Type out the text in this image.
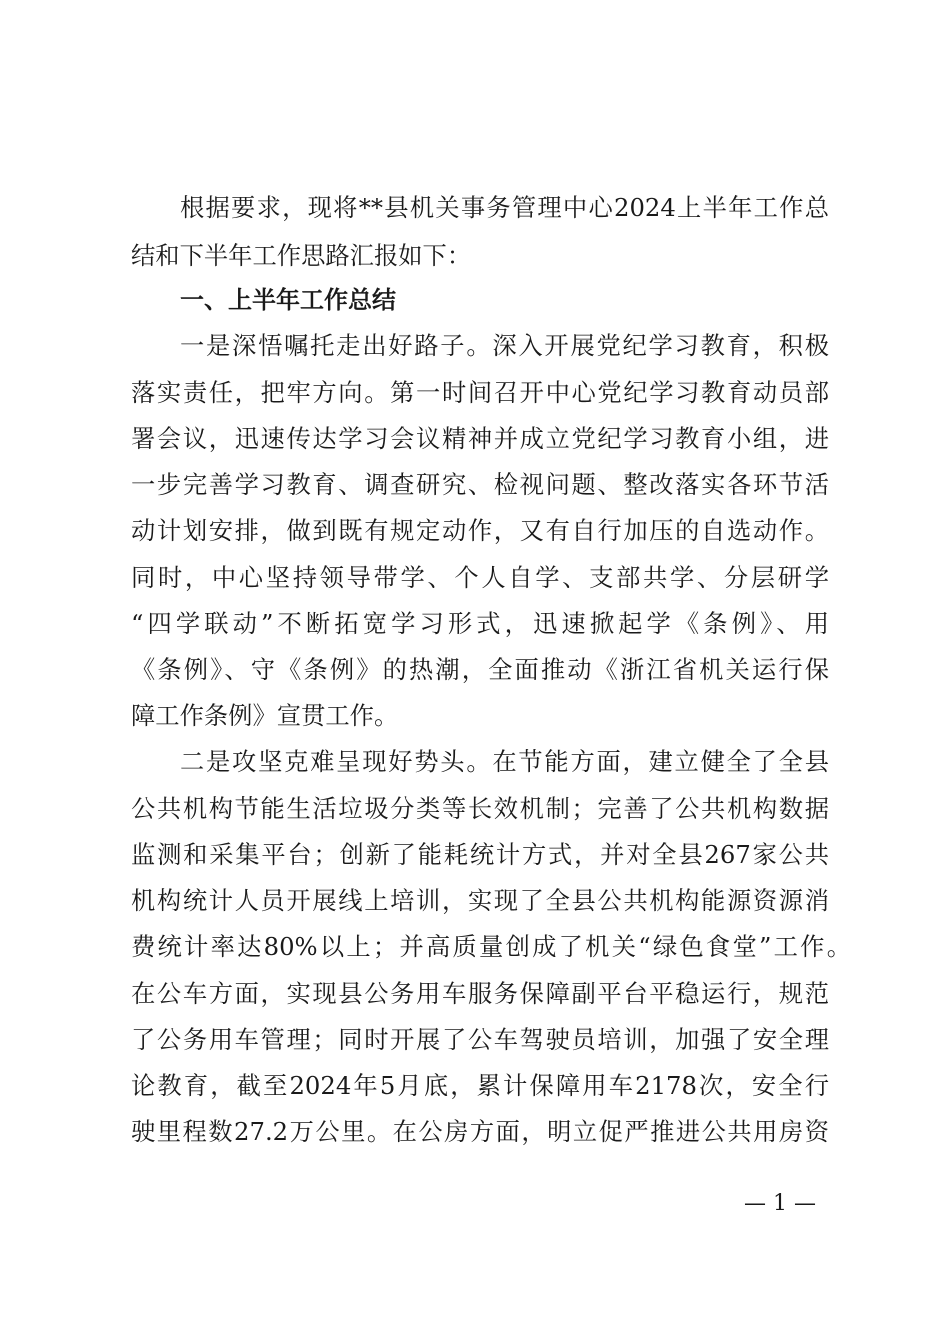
根据要求，现将**县机关事务管理中心2024上半年工作总
结和下半年工作思路汇报如下：
一、上半年工作总结
一是深悟嘱托走出好路子。深入开展党纪学习教育，积极
落实责任，把牢方向。第一时间召开中心党纪学习教育动员部
署会议，迅速传达学习会议精神并成立党纪学习教育小组，进
一步完善学习教育、调查研究、检视问题、整改落实各环节活
动计划安排，做到既有规定动作，又有自行加压的自选动作。
同时，中心坚持领导带学、个人自学、支部共学、分层研学
“四学联动”不断拓宽学习形式，迅速掀起学《条例》、用
《条例》、守《条例》的热潮，全面推动《浙江省机关运行保
障工作条例》宣贯工作。
二是攻坚克难呈现好势头。在节能方面，建立健全了全县
公共机构节能生活垃圾分类等长效机制；完善了公共机构数据
监测和采集平台；创新了能耗统计方式，并对全县267家公共
机构统计人员开展线上培训，实现了全县公共机构能源资源消
费统计率达80%以上；并高质量创成了机关“绿色食堂”工作。
在公车方面，实现县公务用车服务保障副平台平稳运行，规范
了公务用车管理；同时开展了公车驾驶员培训，加强了安全理
论教育，截至2024年5月底，累计保障用车2178次，安全行
驶里程数27.2万公里。在公房方面，明立促严推进公共用房资
— 1 —
